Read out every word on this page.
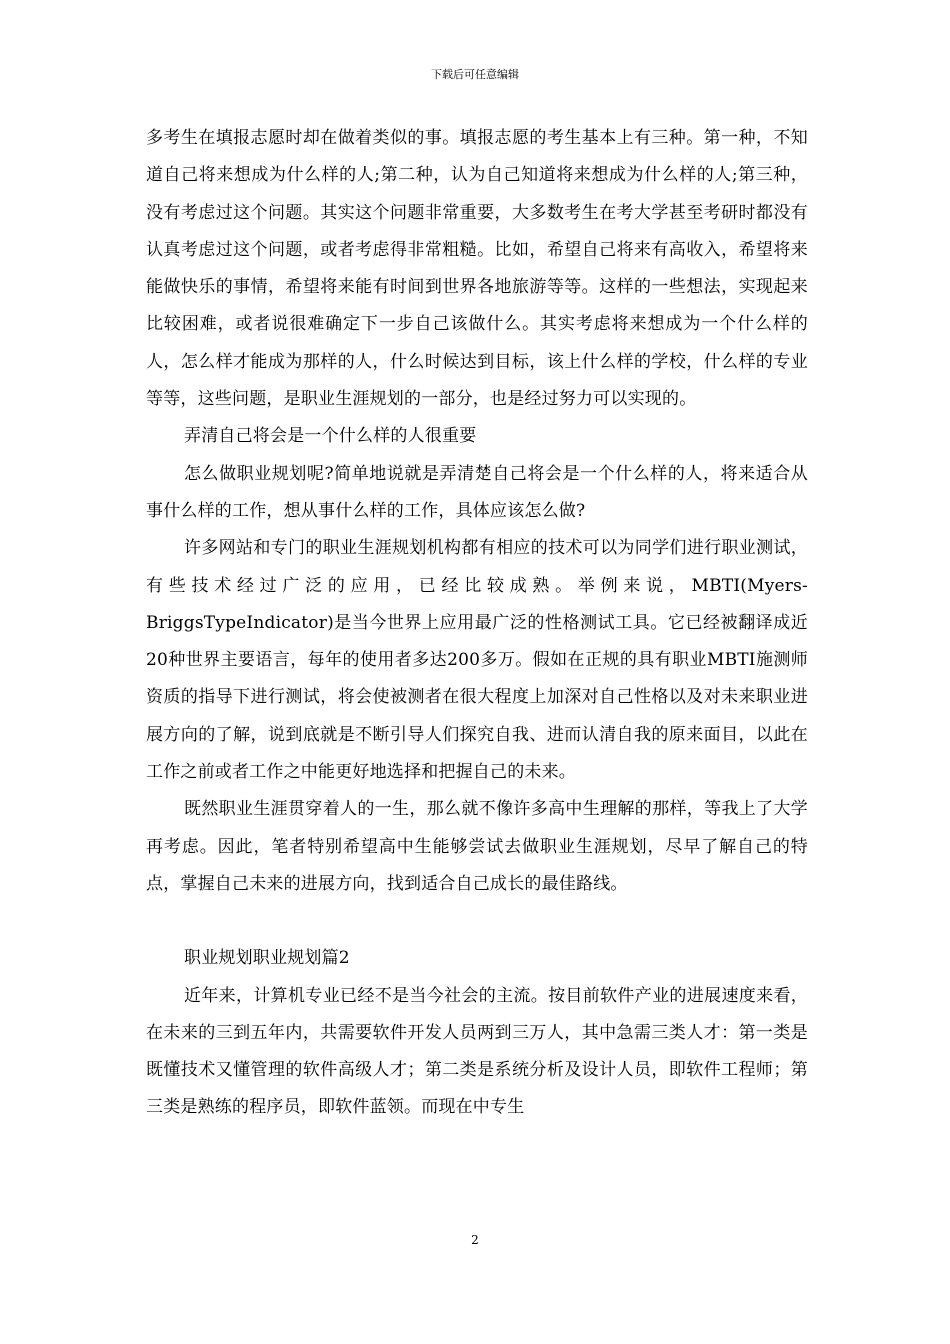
下载后可任意编辑

多考生在填报志愿时却在做着类似的事。填报志愿的考生基本上有三种。第一种，不知道自己将来想成为什么样的人;第二种，认为自己知道将来想成为什么样的人;第三种，没有考虑过这个问题。其实这个问题非常重要，大多数考生在考大学甚至考研时都没有认真考虑过这个问题，或者考虑得非常粗糙。比如，希望自己将来有高收入，希望将来能做快乐的事情，希望将来能有时间到世界各地旅游等等。这样的一些想法，实现起来比较困难，或者说很难确定下一步自己该做什么。其实考虑将来想成为一个什么样的人，怎么样才能成为那样的人，什么时候达到目标，该上什么样的学校，什么样的专业等等，这些问题，是职业生涯规划的一部分，也是经过努力可以实现的。

弄清自己将会是一个什么样的人很重要

怎么做职业规划呢?简单地说就是弄清楚自己将会是一个什么样的人，将来适合从事什么样的工作，想从事什么样的工作，具体应该怎么做?

许多网站和专门的职业生涯规划机构都有相应的技术可以为同学们进行职业测试，有些技术经过广泛的应用，已经比较成熟。举例来说，MBTI(Myers-BriggsTypeIndicator)是当今世界上应用最广泛的性格测试工具。它已经被翻译成近20种世界主要语言，每年的使用者多达200多万。假如在正规的具有职业MBTI施测师资质的指导下进行测试，将会使被测者在很大程度上加深对自己性格以及对未来职业进展方向的了解，说到底就是不断引导人们探究自我、进而认清自我的原来面目，以此在工作之前或者工作之中能更好地选择和把握自己的未来。

既然职业生涯贯穿着人的一生，那么就不像许多高中生理解的那样，等我上了大学再考虑。因此，笔者特别希望高中生能够尝试去做职业生涯规划，尽早了解自己的特点，掌握自己未来的进展方向，找到适合自己成长的最佳路线。

职业规划职业规划篇2

近年来，计算机专业已经不是当今社会的主流。按目前软件产业的进展速度来看，在未来的三到五年内，共需要软件开发人员两到三万人，其中急需三类人才：第一类是既懂技术又懂管理的软件高级人才；第二类是系统分析及设计人员，即软件工程师；第三类是熟练的程序员，即软件蓝领。而现在中专生

2
